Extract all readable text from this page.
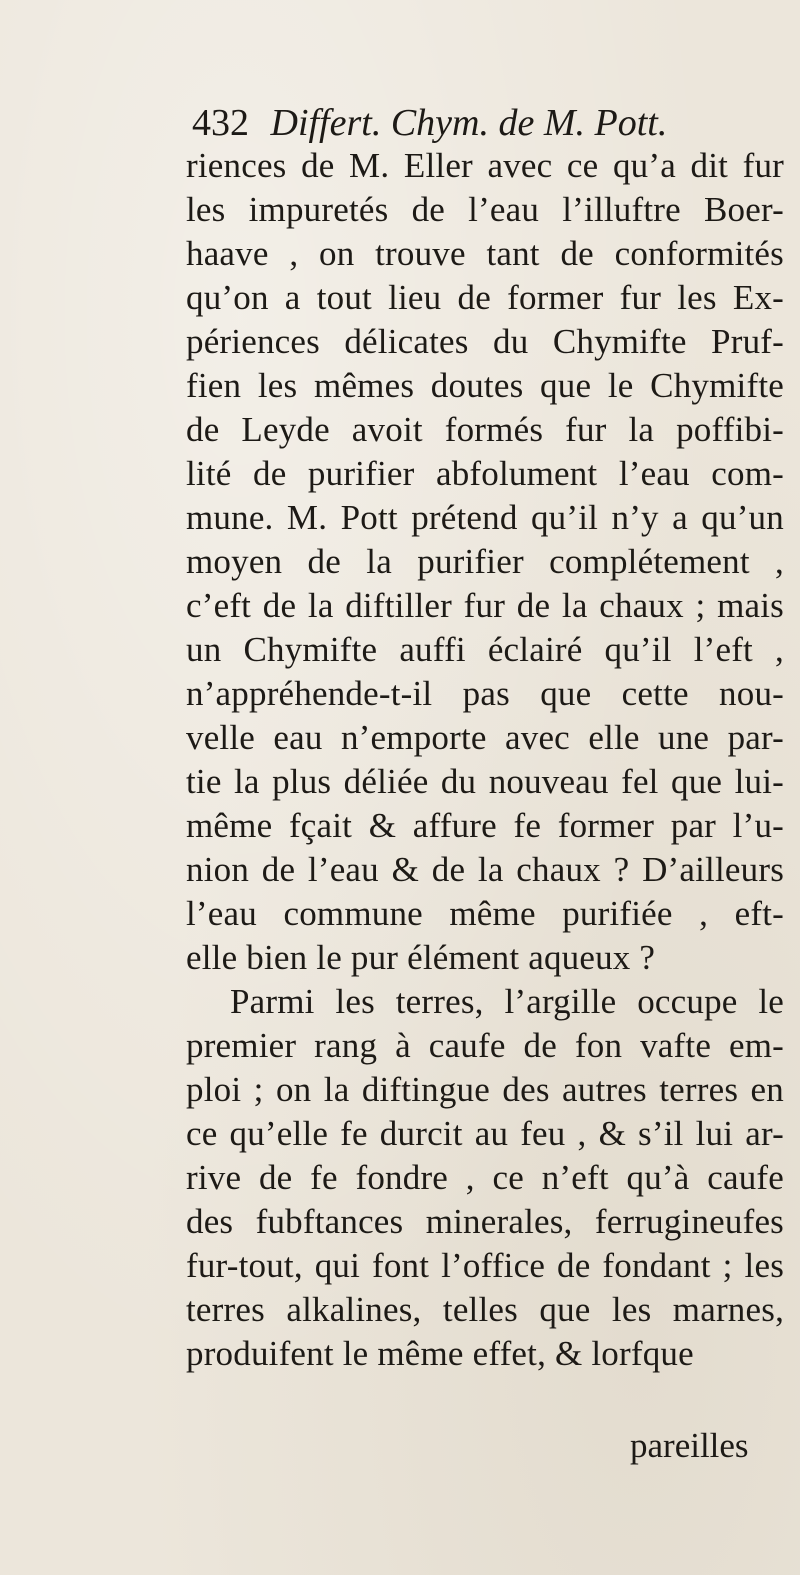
432 Differt. Chym. de M. Pott.
riences de M. Eller avec ce qu’a dit fur
les impuretés de l’eau l’illuftre Boer-
haave , on trouve tant de conformités
qu’on a tout lieu de former fur les Ex-
périences délicates du Chymifte Pruf-
fien les mêmes doutes que le Chymifte
de Leyde avoit formés fur la poffibi-
lité de purifier abfolument l’eau com-
mune. M. Pott prétend qu’il n’y a qu’un
moyen de la purifier complétement ,
c’eft de la diftiller fur de la chaux ; mais
un Chymifte auffi éclairé qu’il l’eft ,
n’appréhende-t-il pas que cette nou-
velle eau n’emporte avec elle une par-
tie la plus déliée du nouveau fel que lui-
même fçait & affure fe former par l’u-
nion de l’eau & de la chaux ? D’ailleurs
l’eau commune même purifiée , eft-
elle bien le pur élément aqueux ?
Parmi les terres, l’argille occupe le
premier rang à caufe de fon vafte em-
ploi ; on la diftingue des autres terres en
ce qu’elle fe durcit au feu , & s’il lui ar-
rive de fe fondre , ce n’eft qu’à caufe
des fubftances minerales, ferrugineufes
fur-tout, qui font l’office de fondant ; les
terres alkalines, telles que les marnes,
produifent le même effet, & lorfque
pareilles
